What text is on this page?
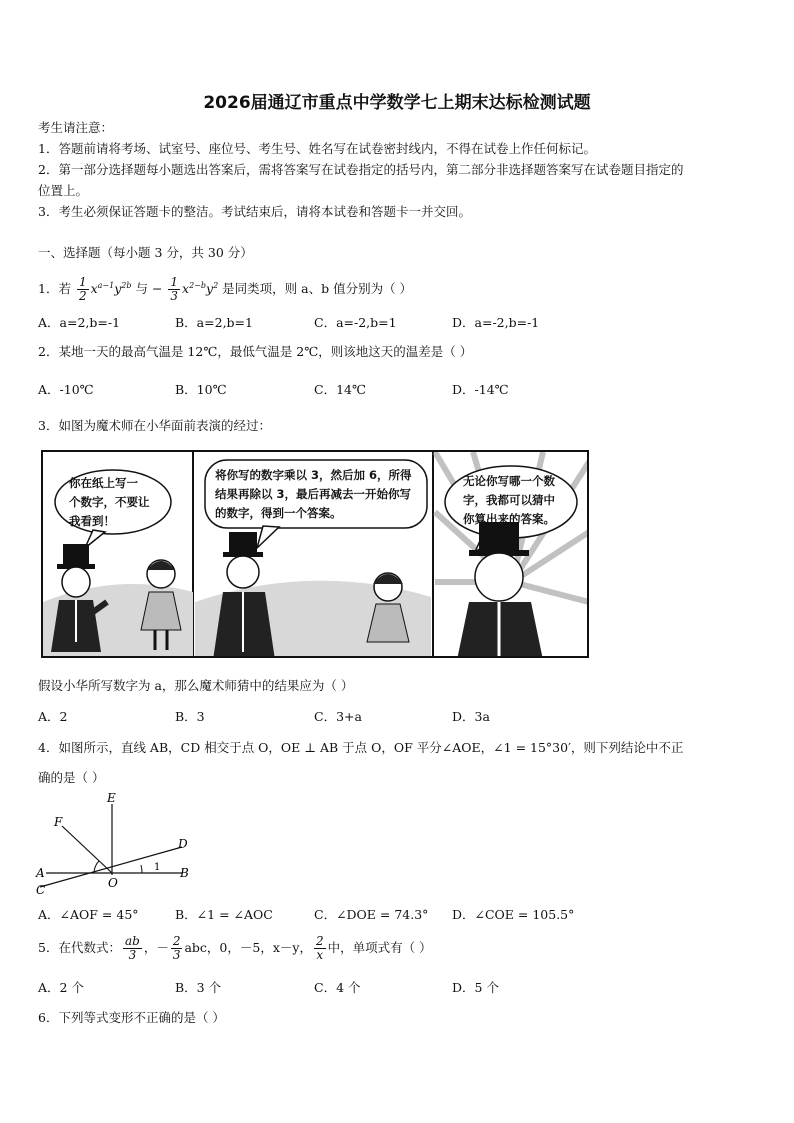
2026届通辽市重点中学数学七上期末达标检测试题
考生请注意：
1．答题前请将考场、试室号、座位号、考生号、姓名写在试卷密封线内，不得在试卷上作任何标记。
2．第一部分选择题每小题选出答案后，需将答案写在试卷指定的括号内，第二部分非选择题答案写在试卷题目指定的
位置上。
3．考生必须保证答题卡的整洁。考试结束后，请将本试卷和答题卡一并交回。
一、选择题（每小题 3 分，共 30 分）
1．若 $\frac{1}{2} x^{a-1}y^{2b}$ 与 − $\frac{1}{3} x^{2-b}y^2$ 是同类项，则 a、b 值分别为（ ）
A．a=2,b=-1	B．a=2,b=1	C．a=-2,b=1	D．a=-2,b=-1
2．某地一天的最高气温是 12℃，最低气温是 2℃，则该地这天的温差是（ ）
A．-10℃	B．10℃	C．14℃	D．-14℃
3．如图为魔术师在小华面前表演的经过：
你在纸上写一
个数字，不要让
我看到！
将你写的数字乘以 3，然后加 6，所得
结果再除以 3，最后再减去一开始你写
的数字，得到一个答案。
无论你写哪一个数
字，我都可以猜中
你算出来的答案。
假设小华所写数字为 a，那么魔术师猜中的结果应为（ ）
A．2	B．3	C．3+a	D．3a
4．如图所示，直线 AB，CD 相交于点 O，OE ⊥ AB 于点 O，OF 平分∠AOE，∠1 = 15°30′，则下列结论中不正
确的是（ ）
E
F
D
A	B
C	O
1
A．∠AOF = 45°	B．∠1 = ∠AOC	C．∠DOE = 74.3° D．∠COE = 105.5°
5．在代数式： $\frac{ab}{3}$ ，－ $\frac{2}{3}$ abc，0，－5，x－y， $\frac{2}{x}$ 中，单项式有（ ）
A．2 个	B．3 个	C．4 个	D．5 个
6．下列等式变形不正确的是（ ）
